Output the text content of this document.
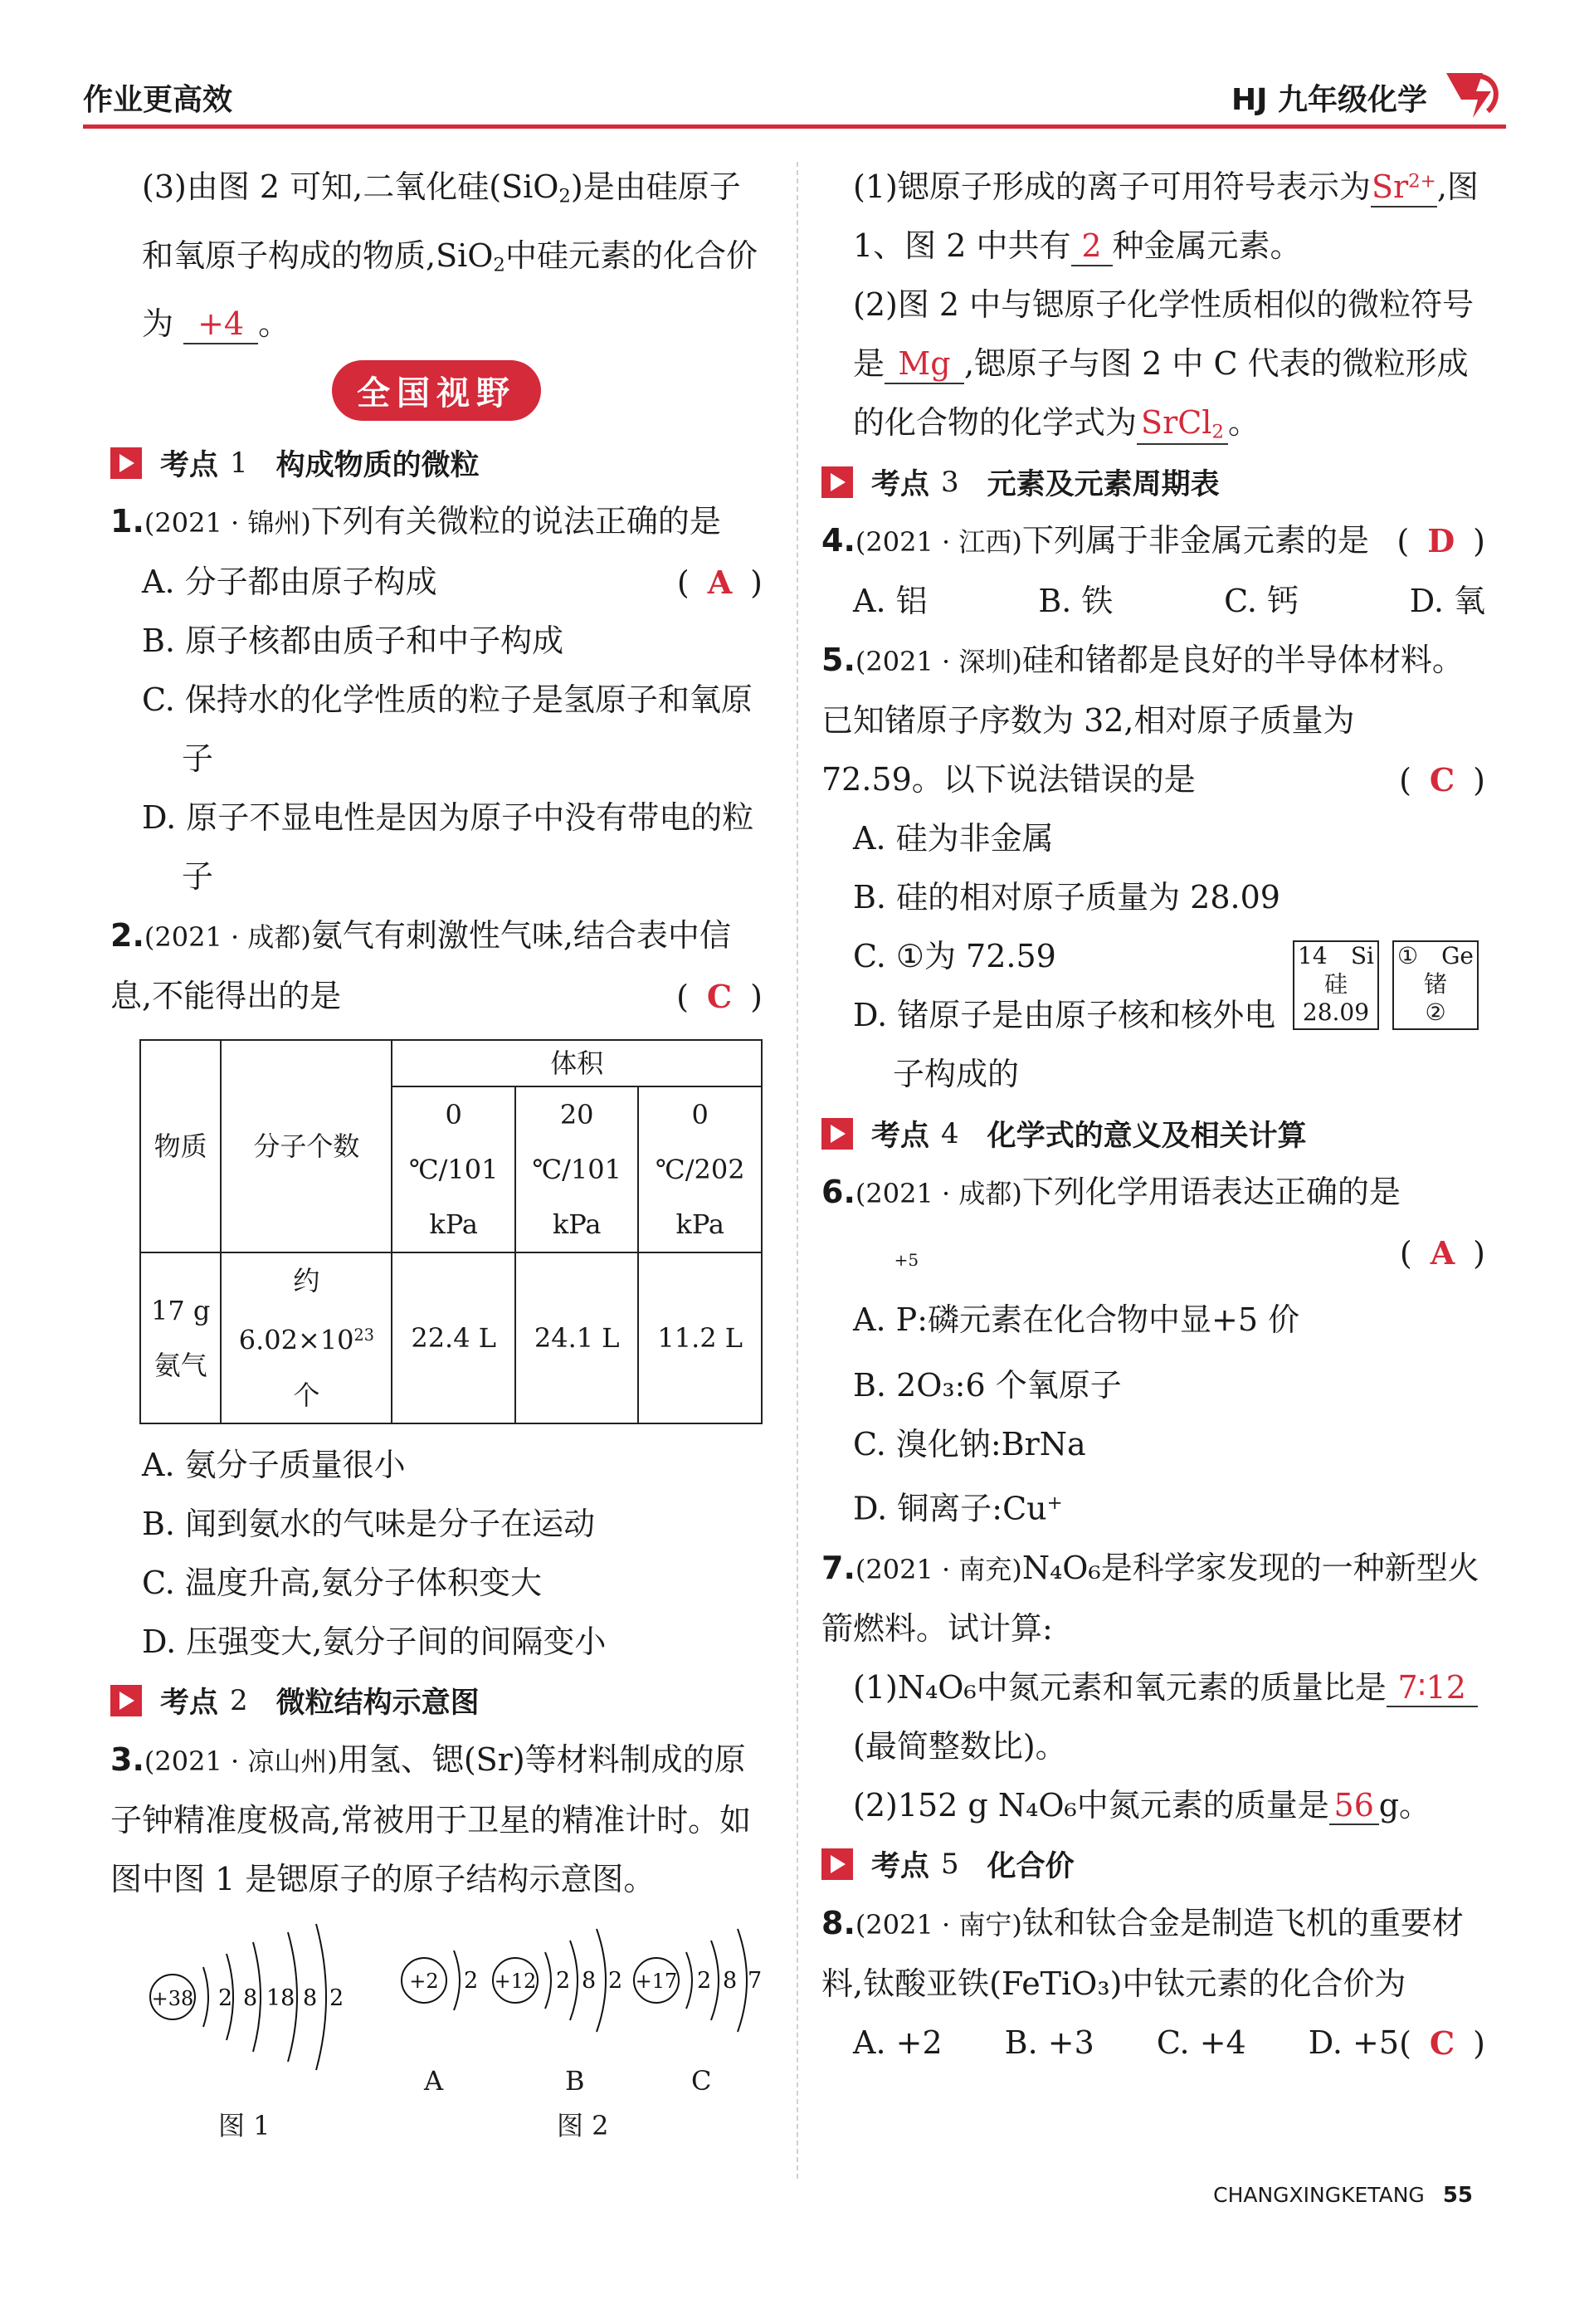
作业更高效	HJ 九年级化学

(3)由图 2 可知,二氧化硅(SiO$_2$)是由硅原子和氧原子构成的物质,SiO$_2$中硅元素的化合价为 +4 。

全国视野
考点 1 构成物质的微粒

1.(2021 · 锦州)下列有关微粒的说法正确的是
( A )

A. 分子都由原子构成

B. 原子核都由质子和中子构成

C. 保持水的化学性质的粒子是氢原子和氧原子

D. 原子不显电性是因为原子中没有带电的粒子

2.(2021 · 成都)氨气有刺激性气味,结合表中信息,不能得出的是	( C )

物质	分子个数	体积		
		0 ℃/101 kPa	20 ℃/101 kPa	0 ℃/202 kPa
17 g氨气	约 $6.02\times 10^{23}$个	22.4 L	24.1 L	11.2 L

A. 氨分子质量很小

B. 闻到氨水的气味是分子在运动

C. 温度升高,氨分子体积变大

D. 压强变大,氨分子间的间隔变小

考点 2 微粒结构示意图

3.(2021 · 凉山州)用氢、锶(Sr)等材料制成的原子钟精准度极高,常被用于卫星的精准计时。如图中图 1 是锶原子的原子结构示意图。

+38 2 8 18 8 2
+2 2 +12 2 8 2 +17 2 8 7
A	B	C
图 1	图 2

(1)锶原子形成的离子可用符号表示为$Sr^{2+}$,图 1、图 2 中共有 2 种金属元素。

(2)图 2 中与锶原子化学性质相似的微粒符号是 Mg ,锶原子与图 2 中 C 代表的微粒形成的化合物的化学式为 SrCl$_2$ 。

考点 3 元素及元素周期表

4.(2021 · 江西)下列属于非金属元素的是 ( D )

A. 铝	B. 铁	C. 钙	D. 氧

5.(2021 · 深圳)硅和锗都是良好的半导体材料。已知锗原子序数为 32,相对原子质量为 72.59。以下说法错误的是	( C )

A. 硅为非金属

B. 硅的相对原子质量为 28.09

C. ①为 72.59

D. 锗原子是由原子核和核外电子构成的

14 Si
硅
28.09
① Ge
锗
②
考点 4 化学式的意义及相关计算

6.(2021 · 成都)下列化学用语表达正确的是

( A )

A.
+5
P:磷元素在化合物中显+5 价

B. 2O₃:6 个氧原子

C. 溴化钠:BrNa

D. 铜离子:Cu+

7.(2021 · 南充)N₄O₆是科学家发现的一种新型火箭燃料。试计算:

(1)N₄O₆中氮元素和氧元素的质量比是 7∶12(最简整数比)。

(2)152 g N₄O₆中氮元素的质量是 56 g。

考点 5 化合价

8.(2021 · 南宁)钛和钛合金是制造飞机的重要材料,钛酸亚铁(FeTiO₃)中钛元素的化合价为
( C )

A. +2 B. +3 C. +4 D. +5
CHANGXINGKETANG 55
